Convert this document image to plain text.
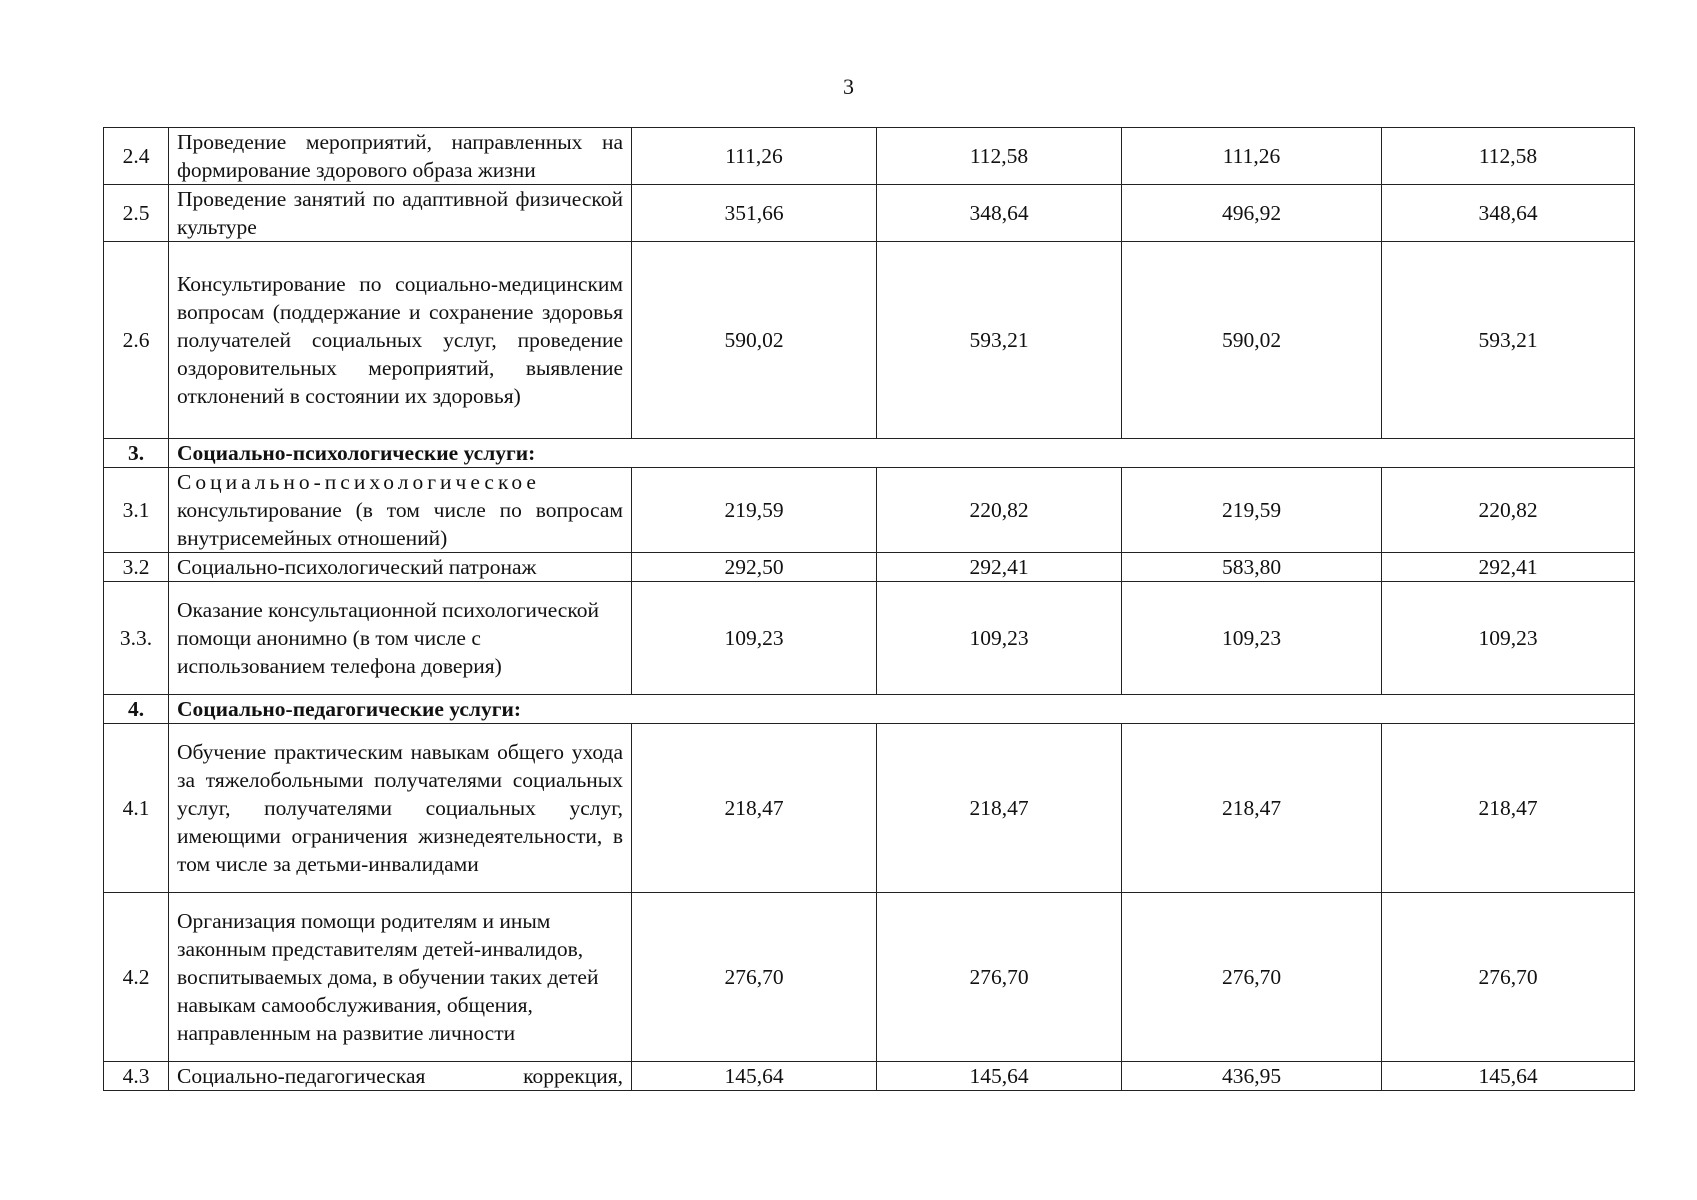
3
2.4	Проведение мероприятий, направленных на формирование здорового образа жизни	111,26	112,58	111,26	112,58
2.5	Проведение занятий по адаптивной физической культуре	351,66	348,64	496,92	348,64
2.6	Консультирование по социально-медицинским вопросам (поддержание и сохранение здоровья получателей социальных услуг, проведение оздоровительных мероприятий, выявление отклонений в состоянии их здоровья)	590,02	593,21	590,02	593,21
3.	Социально-психологические услуги:				
3.1	Социально-психологическое
консультирование (в том числе по вопросам внутрисемейных отношений)	219,59	220,82	219,59	220,82
3.2	Социально-психологический патронаж	292,50	292,41	583,80	292,41
3.3.	Оказание консультационной психологической помощи анонимно (в том числе с использованием телефона доверия)	109,23	109,23	109,23	109,23
4.	Социально-педагогические услуги:				
4.1	Обучение практическим навыкам общего ухода за тяжелобольными получателями социальных услуг, получателями социальных услуг, имеющими ограничения жизнедеятельности, в том числе за детьми-инвалидами	218,47	218,47	218,47	218,47
4.2	Организация помощи родителям и иным законным представителям детей-инвалидов, воспитываемых дома, в обучении таких детей навыкам самообслуживания, общения, направленным на развитие личности	276,70	276,70	276,70	276,70
4.3	Социально-педагогическая коррекция,	145,64	145,64	436,95	145,64
